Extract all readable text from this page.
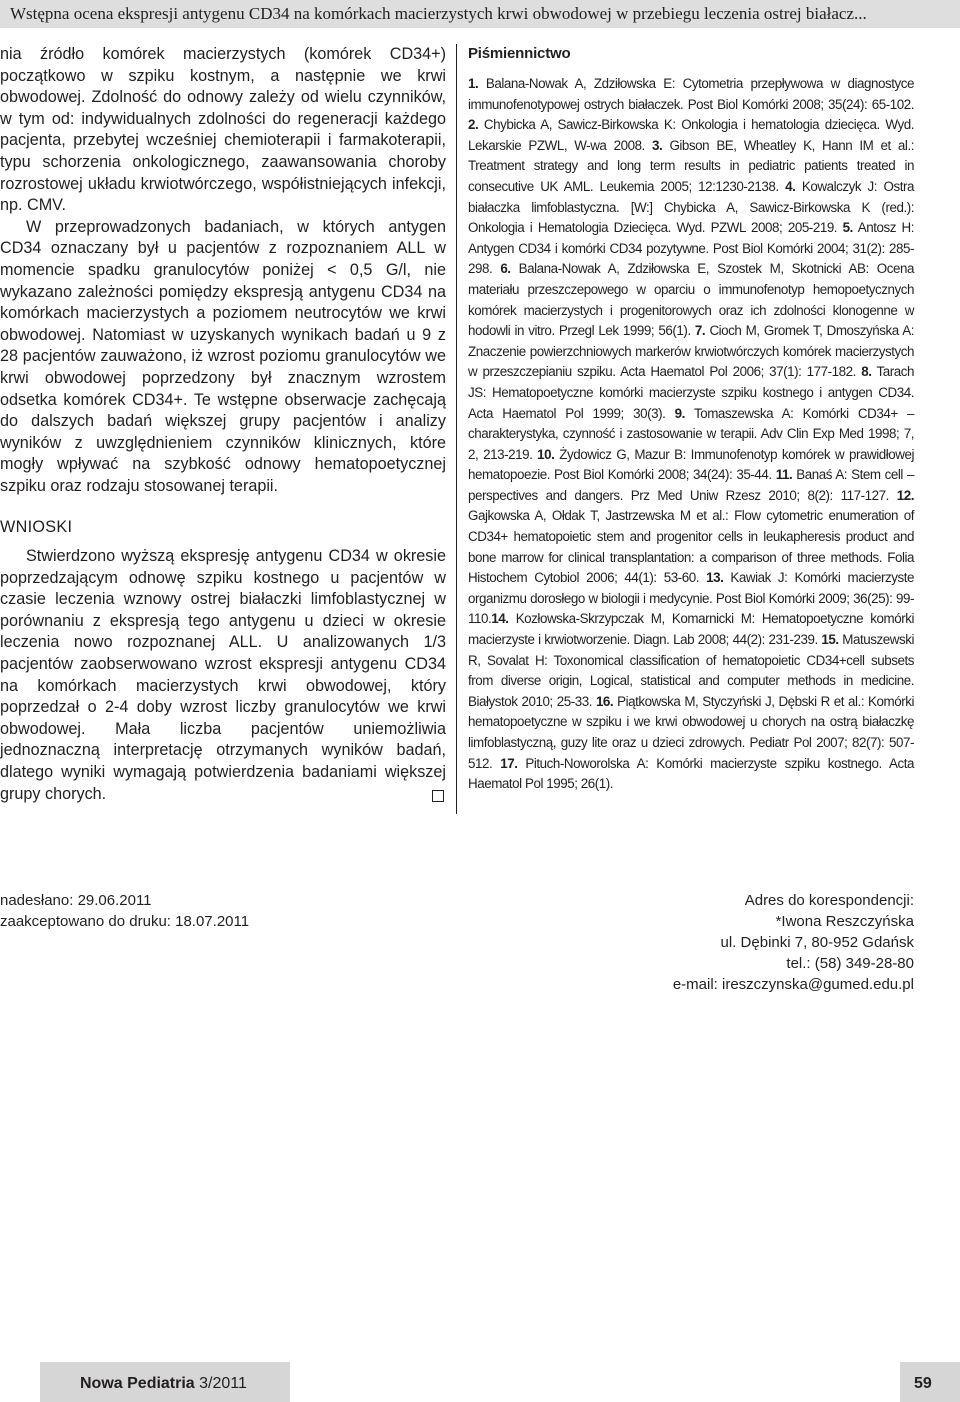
Wstępna ocena ekspresji antygenu CD34 na komórkach macierzystych krwi obwodowej w przebiegu leczenia ostrej białacz...

nia źródło komórek macierzystych (komórek CD34+) początkowo w szpiku kostnym, a następnie we krwi obwodowej. Zdolność do odnowy zależy od wielu czynników, w tym od: indywidualnych zdolności do regeneracji każdego pacjenta, przebytej wcześniej chemioterapii i farmakoterapii, typu schorzenia onkologicznego, zaawansowania choroby rozrostowej układu krwiotwórczego, współistniejących infekcji, np. CMV.

W przeprowadzonych badaniach, w których antygen CD34 oznaczany był u pacjentów z rozpoznaniem ALL w momencie spadku granulocytów poniżej < 0,5 G/l, nie wykazano zależności pomiędzy ekspresją antygenu CD34 na komórkach macierzystych a poziomem neutrocytów we krwi obwodowej. Natomiast w uzyskanych wynikach badań u 9 z 28 pacjentów zauważono, iż wzrost poziomu granulocytów we krwi obwodowej poprzedzony był znacznym wzrostem odsetka komórek CD34+. Te wstępne obserwacje zachęcają do dalszych badań większej grupy pacjentów i analizy wyników z uwzględnieniem czynników klinicznych, które mogły wpływać na szybkość odnowy hematopoetycznej szpiku oraz rodzaju stosowanej terapii.

WNIOSKI

Stwierdzono wyższą ekspresję antygenu CD34 w okresie poprzedzającym odnowę szpiku kostnego u pacjentów w czasie leczenia wznowy ostrej białaczki limfoblastycznej w porównaniu z ekspresją tego antygenu u dzieci w okresie leczenia nowo rozpoznanej ALL. U analizowanych 1/3 pacjentów zaobserwowano wzrost ekspresji antygenu CD34 na komórkach macierzystych krwi obwodowej, który poprzedzał o 2-4 doby wzrost liczby granulocytów we krwi obwodowej. Mała liczba pacjentów uniemożliwia jednoznaczną interpretację otrzymanych wyników badań, dlatego wyniki wymagają potwierdzenia badaniami większej grupy chorych.

Piśmiennictwo
1. Balana-Nowak A, Zdziłowska E: Cytometria przepływowa w diagnostyce immunofenotypowej ostrych białaczek. Post Biol Komórki 2008; 35(24): 65-102. 2. Chybicka A, Sawicz-Birkowska K: Onkologia i hematologia dziecięca. Wyd. Lekarskie PZWL, W-wa 2008. 3. Gibson BE, Wheatley K, Hann IM et al.: Treatment strategy and long term results in pediatric patients treated in consecutive UK AML. Leukemia 2005; 12:1230-2138. 4. Kowalczyk J: Ostra białaczka limfoblastyczna. [W:] Chybicka A, Sawicz-Birkowska K (red.): Onkologia i Hematologia Dziecięca. Wyd. PZWL 2008; 205-219. 5. Antosz H: Antygen CD34 i komórki CD34 pozytywne. Post Biol Komórki 2004; 31(2): 285-298. 6. Balana-Nowak A, Zdziłowska E, Szostek M, Skotnicki AB: Ocena materiału przeszczepowego w oparciu o immunofenotyp hemopoetycznych komórek macierzystych i progenitorowych oraz ich zdolności klonogenne w hodowli in vitro. Przegl Lek 1999; 56(1). 7. Cioch M, Gromek T, Dmoszyńska A: Znaczenie powierzchniowych markerów krwiotwórczych komórek macierzystych w przeszczepianiu szpiku. Acta Haematol Pol 2006; 37(1): 177-182. 8. Tarach JS: Hematopoetyczne komórki macierzyste szpiku kostnego i antygen CD34. Acta Haematol Pol 1999; 30(3). 9. Tomaszewska A: Komórki CD34+ – charakterystyka, czynność i zastosowanie w terapii. Adv Clin Exp Med 1998; 7, 2, 213-219. 10. Żydowicz G, Mazur B: Immunofenotyp komórek w prawidłowej hematopoezie. Post Biol Komórki 2008; 34(24): 35-44. 11. Banaś A: Stem cell – perspectives and dangers. Prz Med Uniw Rzesz 2010; 8(2): 117-127. 12. Gajkowska A, Ołdak T, Jastrzewska M et al.: Flow cytometric enumeration of CD34+ hematopoietic stem and progenitor cells in leukapheresis product and bone marrow for clinical transplantation: a comparison of three methods. Folia Histochem Cytobiol 2006; 44(1): 53-60. 13. Kawiak J: Komórki macierzyste organizmu dorosłego w biologii i medycynie. Post Biol Komórki 2009; 36(25): 99-110.14. Kozłowska-Skrzypczak M, Komarnicki M: Hematopoetyczne komórki macierzyste i krwiotworzenie. Diagn. Lab 2008; 44(2): 231-239. 15. Matuszewski R, Sovalat H: Toxonomical classification of hematopoietic CD34+cell subsets from diverse origin, Logical, statistical and computer methods in medicine. Białystok 2010; 25-33. 16. Piątkowska M, Styczyński J, Dębski R et al.: Komórki hematopoetyczne w szpiku i we krwi obwodowej u chorych na ostrą białaczkę limfoblastyczną, guzy lite oraz u dzieci zdrowych. Pediatr Pol 2007; 82(7): 507-512. 17. Pituch-Noworolska A: Komórki macierzyste szpiku kostnego. Acta Haematol Pol 1995; 26(1).
nadesłano: 29.06.2011
zaakceptowano do druku: 18.07.2011
Adres do korespondencji:
*Iwona Reszczyńska
ul. Dębinki 7, 80-952 Gdańsk
tel.: (58) 349-28-80
e-mail: ireszczynska@gumed.edu.pl
Nowa Pediatria 3/2011	59
